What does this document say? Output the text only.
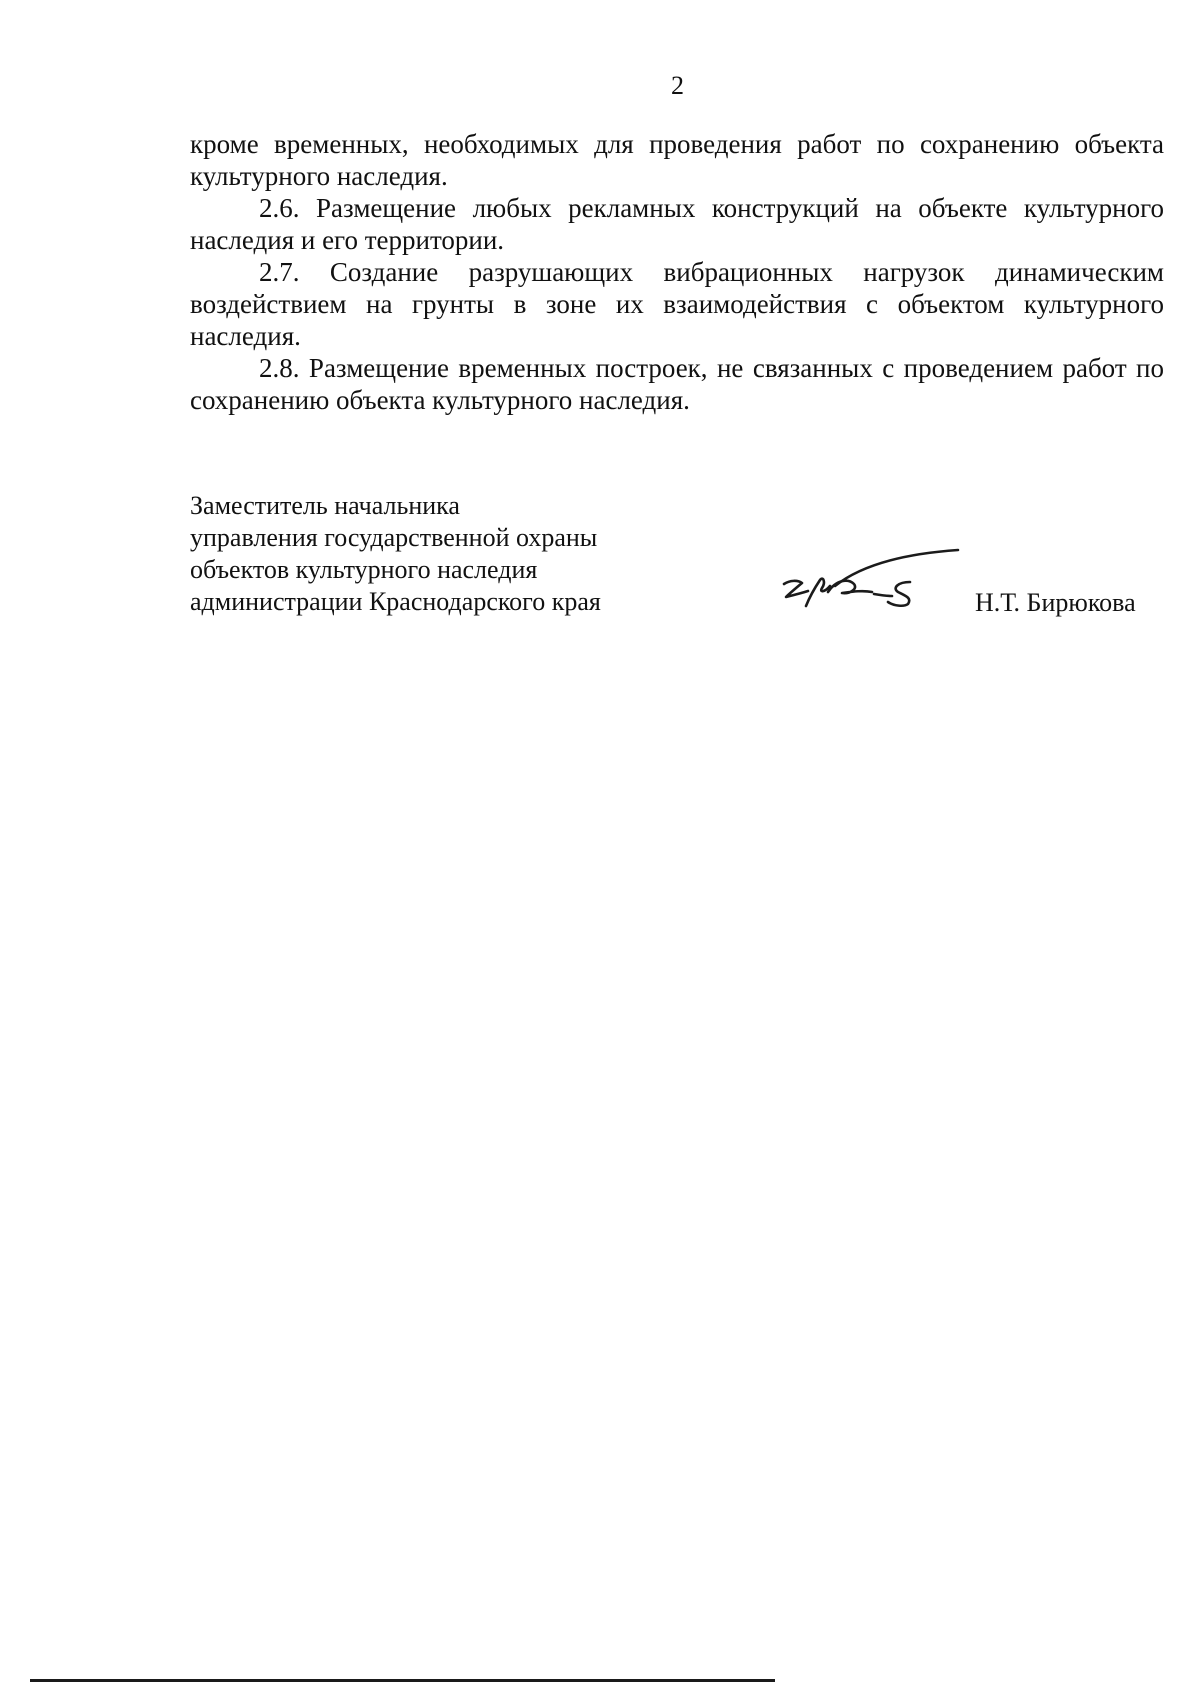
2

кроме временных, необходимых для проведения работ по сохранению объекта культурного наследия.

2.6. Размещение любых рекламных конструкций на объекте культурного наследия и его территории.

2.7. Создание разрушающих вибрационных нагрузок динамическим воздействием на грунты в зоне их взаимодействия с объектом культурного наследия.

2.8. Размещение временных построек, не связанных с проведением работ по сохранению объекта культурного наследия.

Заместитель начальника
управления государственной охраны
объектов культурного наследия
администрации Краснодарского края	Н.Т. Бирюкова
